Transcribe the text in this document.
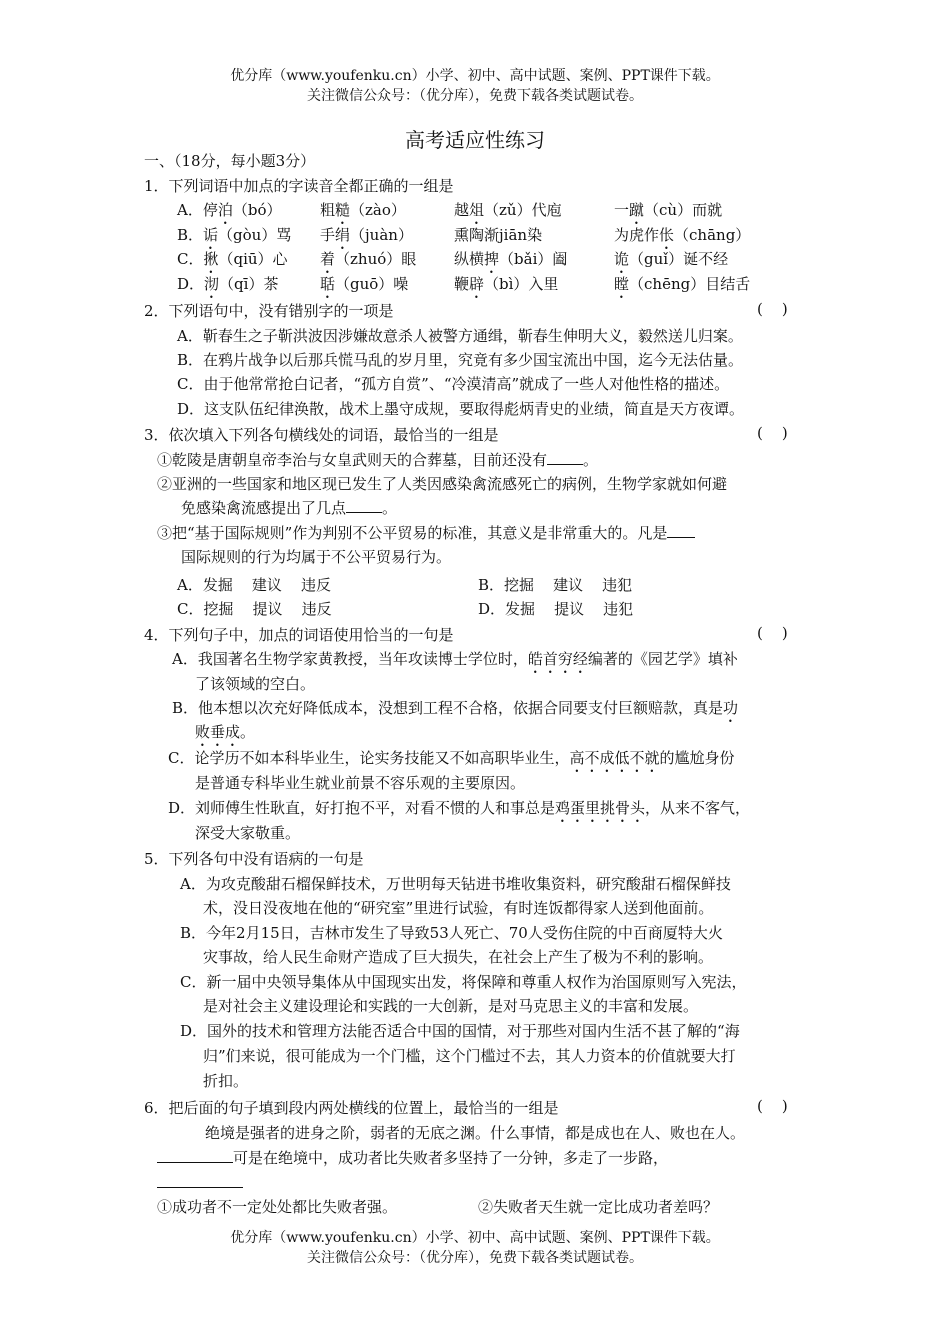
优分库（www.youfenku.cn）小学、初中、高中试题、案例、PPT课件下载。
关注微信公众号：（优分库），免费下载各类试题试卷。
高考适应性练习
一、（18分，每小题3分）
1．下列词语中加点的字读音全都正确的一组是
A．停泊（bó）	粗糙（zào）	越俎（zǔ）代庖	一蹴（cù）而就
B．诟（gòu）骂 手绢（juàn）	熏陶渐jiān染	为虎作伥（chāng）
C．揪（qiū）心 着（zhuó）眼	纵横捭（bǎi）阖	诡（guǐ）诞不经
D．沏（qī）茶	聒（guō）噪	鞭辟（bì）入里	瞠（chēng）目结舌
2．下列语句中，没有错别字的一项是	(    )
A．靳春生之子靳洪波因涉嫌故意杀人被警方通缉，靳春生伸明大义，毅然送儿归案。
B．在鸦片战争以后那兵慌马乱的岁月里，究竟有多少国宝流出中国，迄今无法估量。
C．由于他常常抢白记者，“孤方自赏”、“冷漠清高”就成了一些人对他性格的描述。
D．这支队伍纪律涣散，战术上墨守成规，要取得彪炳青史的业绩，简直是天方夜谭。
3．依次填入下列各句横线处的词语，最恰当的一组是	(    )
①乾陵是唐朝皇帝李治与女皇武则天的合葬墓，目前还没有 。
②亚洲的一些国家和地区现已发生了人类因感染禽流感死亡的病例，生物学家就如何避
免感染禽流感提出了几点 。
③把“基于国际规则”作为判别不公平贸易的标准，其意义是非常重大的。凡是
国际规则的行为均属于不公平贸易行为。
A．发掘    建议    违反	B．挖掘    建议    违犯
C．挖掘    提议    违反	D．发掘    提议    违犯
4．下列句子中，加点的词语使用恰当的一句是	(    )
A．我国著名生物学家黄教授，当年攻读博士学位时，皓首穷经编著的《园艺学》填补
了该领域的空白。
B．他本想以次充好降低成本，没想到工程不合格，依据合同要支付巨额赔款，真是功
败垂成。
C．论学历不如本科毕业生，论实务技能又不如高职毕业生，高不成低不就的尴尬身份
是普通专科毕业生就业前景不容乐观的主要原因。
D．刘师傅生性耿直，好打抱不平，对看不惯的人和事总是鸡蛋里挑骨头，从来不客气，
深受大家敬重。
5．下列各句中没有语病的一句是
A．为攻克酸甜石榴保鲜技术，万世明每天钻进书堆收集资料，研究酸甜石榴保鲜技
术，没日没夜地在他的“研究室”里进行试验，有时连饭都得家人送到他面前。
B．今年2月15日，吉林市发生了导致53人死亡、70人受伤住院的中百商厦特大火
灾事故，给人民生命财产造成了巨大损失，在社会上产生了极为不利的影响。
C．新一届中央领导集体从中国现实出发，将保障和尊重人权作为治国原则写入宪法，
是对社会主义建设理论和实践的一大创新，是对马克思主义的丰富和发展。
D．国外的技术和管理方法能否适合中国的国情，对于那些对国内生活不甚了解的“海
归”们来说，很可能成为一个门槛，这个门槛过不去，其人力资本的价值就要大打
折扣。
6．把后面的句子填到段内两处横线的位置上，最恰当的一组是	(    )
绝境是强者的进身之阶，弱者的无底之渊。什么事情，都是成也在人、败也在人。
可是在绝境中，成功者比失败者多坚持了一分钟，多走了一步路，
①成功者不一定处处都比失败者强。	②失败者天生就一定比成功者差吗？
优分库（www.youfenku.cn）小学、初中、高中试题、案例、PPT课件下载。
关注微信公众号：（优分库），免费下载各类试题试卷。
